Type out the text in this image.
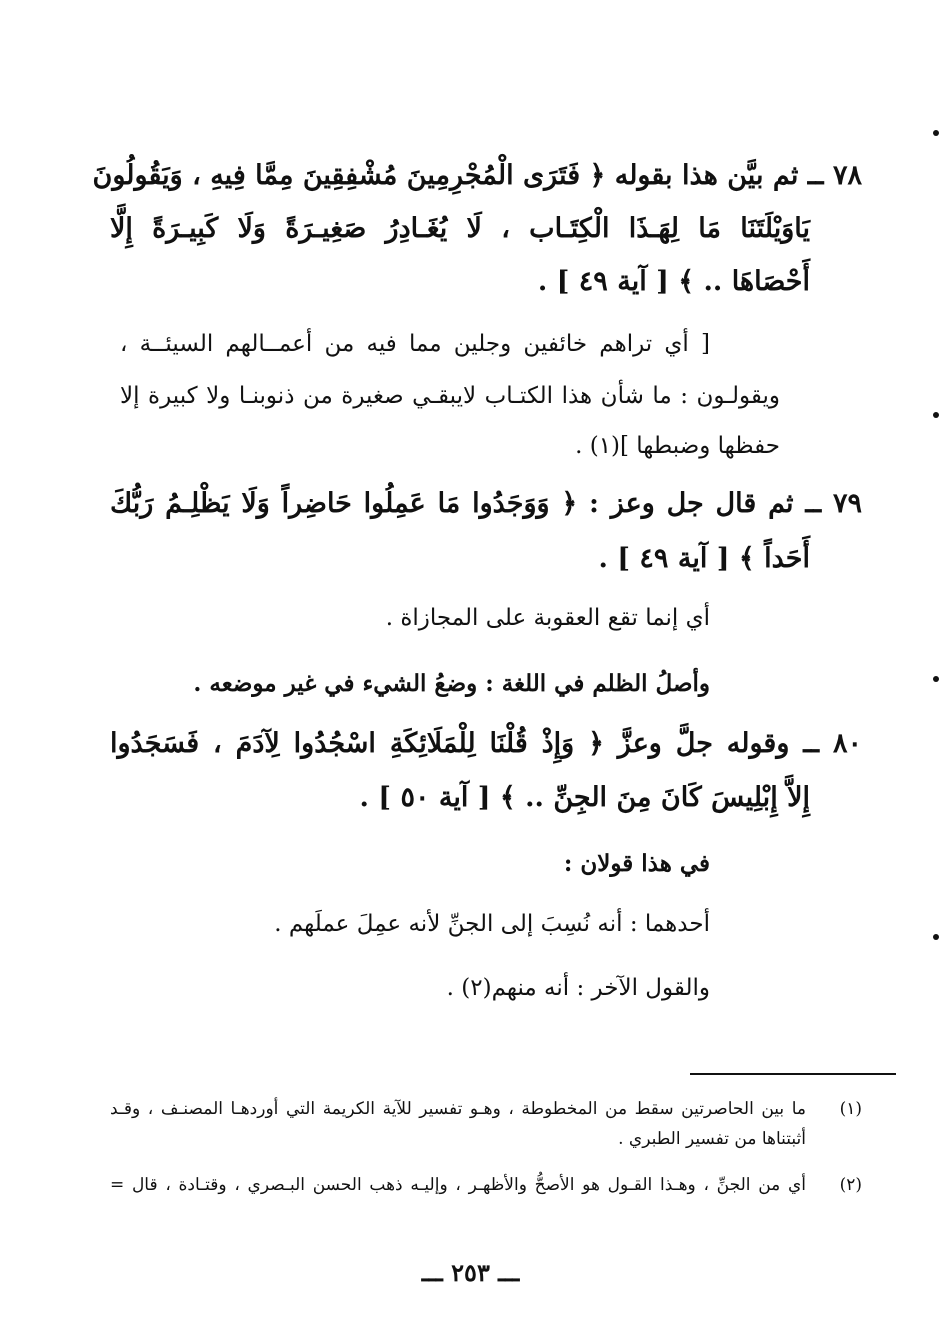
٧٨ ــ ثم بيَّن هذا بقوله ﴿ فَتَرَى الْمُجْرِمِينَ مُشْفِقِينَ مِمَّا فِيهِ ، وَيَقُولُونَ
يَاوَيْلَتَنَا مَا لِهَـذَا الْكِتَـاب ، لَا يُغَـادِرُ صَغِيـرَةً وَلَا كَبِيـرَةً إِلَّا
أَحْصَاهَا .. ﴾ [ آية ٤٩ ] .
[ أي تراهم خائفين وجلين مما فيه من أعمــالهم السيئــة ،
ويقولـون : ما شأن هذا الكتـاب لايبقـي صغيرة من ذنوبنـا ولا كبيرة إلا
حفظها وضبطها ](١) .
٧٩ ــ ثم قال جل وعز : ﴿ وَوَجَدُوا مَا عَمِلُوا حَاضِراً وَلَا يَظْلِـمُ رَبُّكَ
أَحَداً ﴾ [ آية ٤٩ ] .
أي إنما تقع العقوبة على المجازاة .
وأصلُ الظلم في اللغة : وضعُ الشيء في غير موضعه .
٨٠ ــ وقوله جلَّ وعزَّ ﴿ وَإِذْ قُلْنَا لِلْمَلَائِكَةِ اسْجُدُوا لِآدَمَ ، فَسَجَدُوا
إِلاَّ إِبْلِيسَ كَانَ مِنَ الجِنِّ .. ﴾ [ آية ٥٠ ] .
في هذا قولان :
أحدهما : أنه نُسِبَ إلى الجنِّ لأنه عمِلَ عملَهم .
والقول الآخر : أنه منهم(٢) .
(١)
ما بين الحاصرتين سقط من المخطوطة ، وهـو تفسير للآية الكريمة التي أوردهـا المصنـف ، وقـد
أثبتناها من تفسير الطبري .
(٢)
أي من الجنِّ ، وهـذا القـول هو الأصحُّ والأظهـر ، وإليـه ذهب الحسن البـصري ، وقتـادة ، قال =
ـــ ٢٥٣ ـــ
